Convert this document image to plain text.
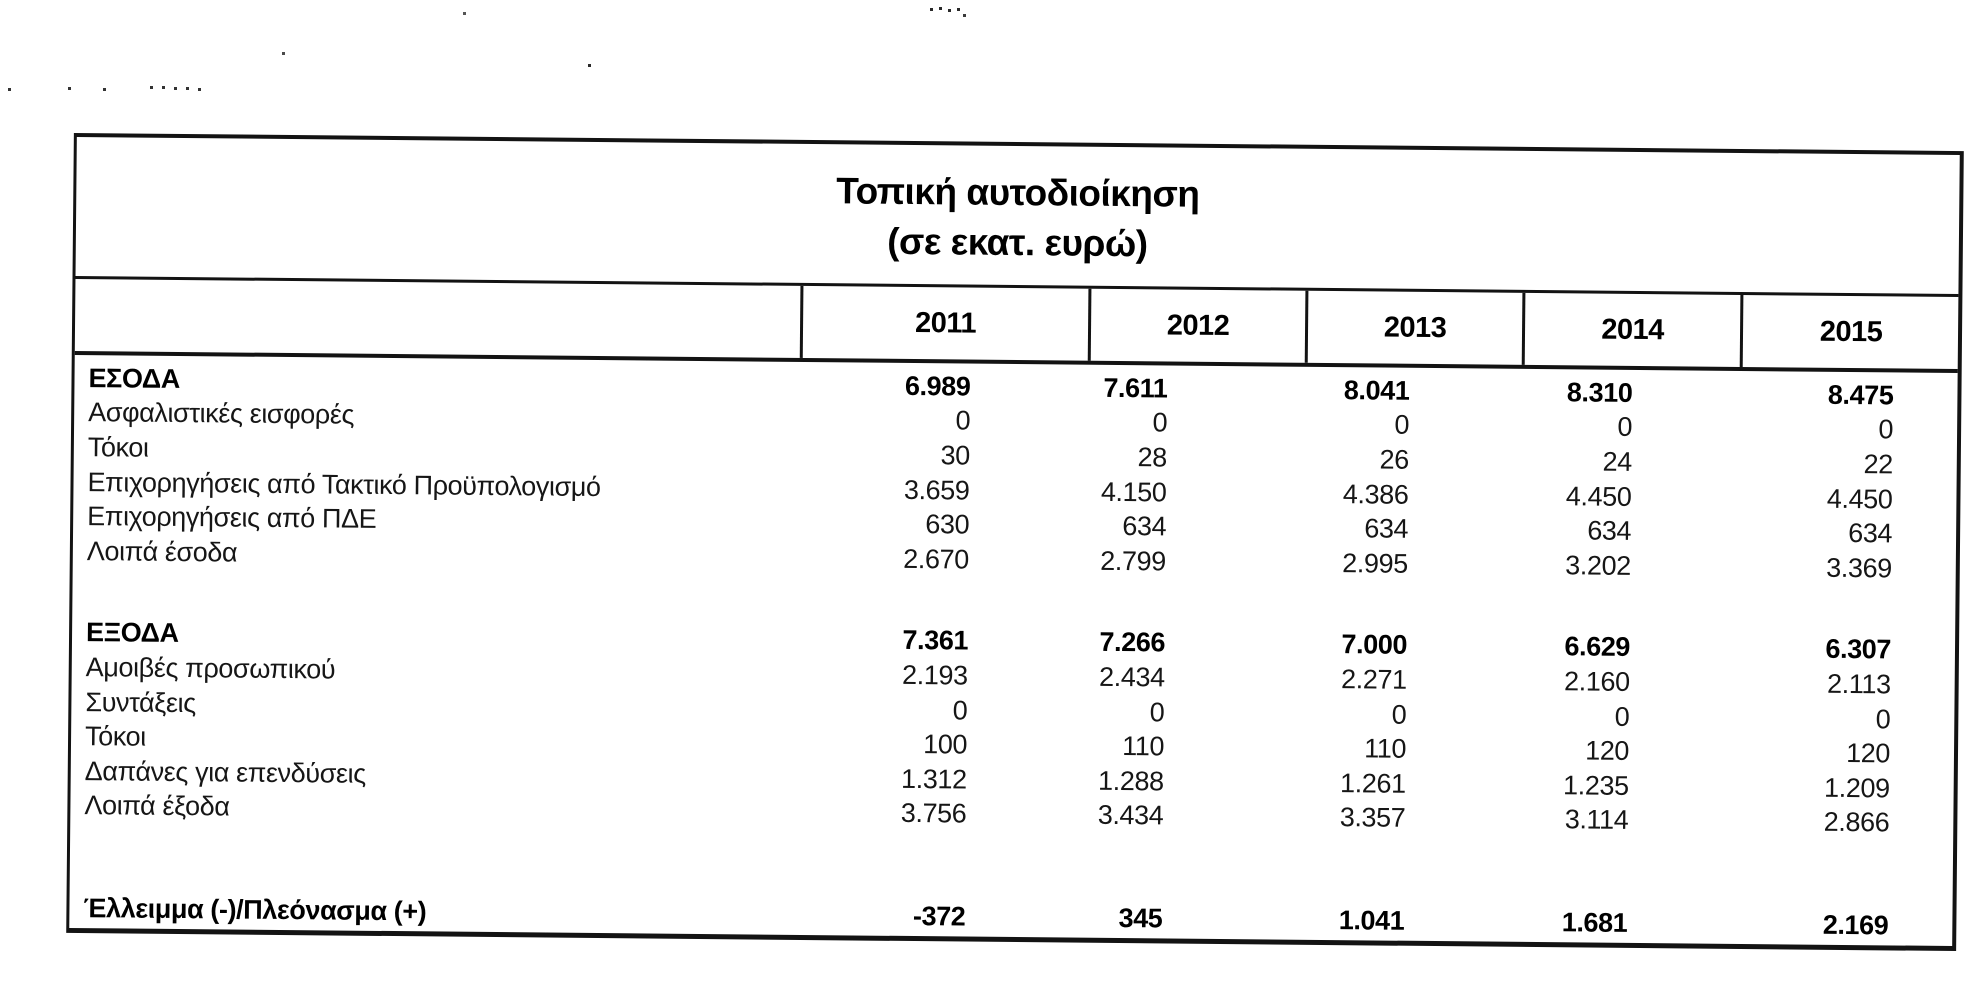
Τοπική αυτοδιοίκηση
(σε εκατ. ευρώ)
2011	2012	2013	2014	2015
ΕΣΟΔΑ	6.989	7.611	8.041	8.310	8.475
Ασφαλιστικές εισφορές	0	0	0	0	0
Τόκοι	30	28	26	24	22
Επιχορηγήσεις από Τακτικό Προϋπολογισμό	3.659	4.150	4.386	4.450	4.450
Επιχορηγήσεις από ΠΔΕ	630	634	634	634	634
Λοιπά έσοδα	2.670	2.799	2.995	3.202	3.369
ΕΞΟΔΑ	7.361	7.266	7.000	6.629	6.307
Αμοιβές προσωπικού	2.193	2.434	2.271	2.160	2.113
Συντάξεις	0	0	0	0	0
Τόκοι	100	110	110	120	120
Δαπάνες για επενδύσεις	1.312	1.288	1.261	1.235	1.209
Λοιπά έξοδα	3.756	3.434	3.357	3.114	2.866
Έλλειμμα (-)/Πλεόνασμα (+)	-372	345	1.041	1.681	2.169
